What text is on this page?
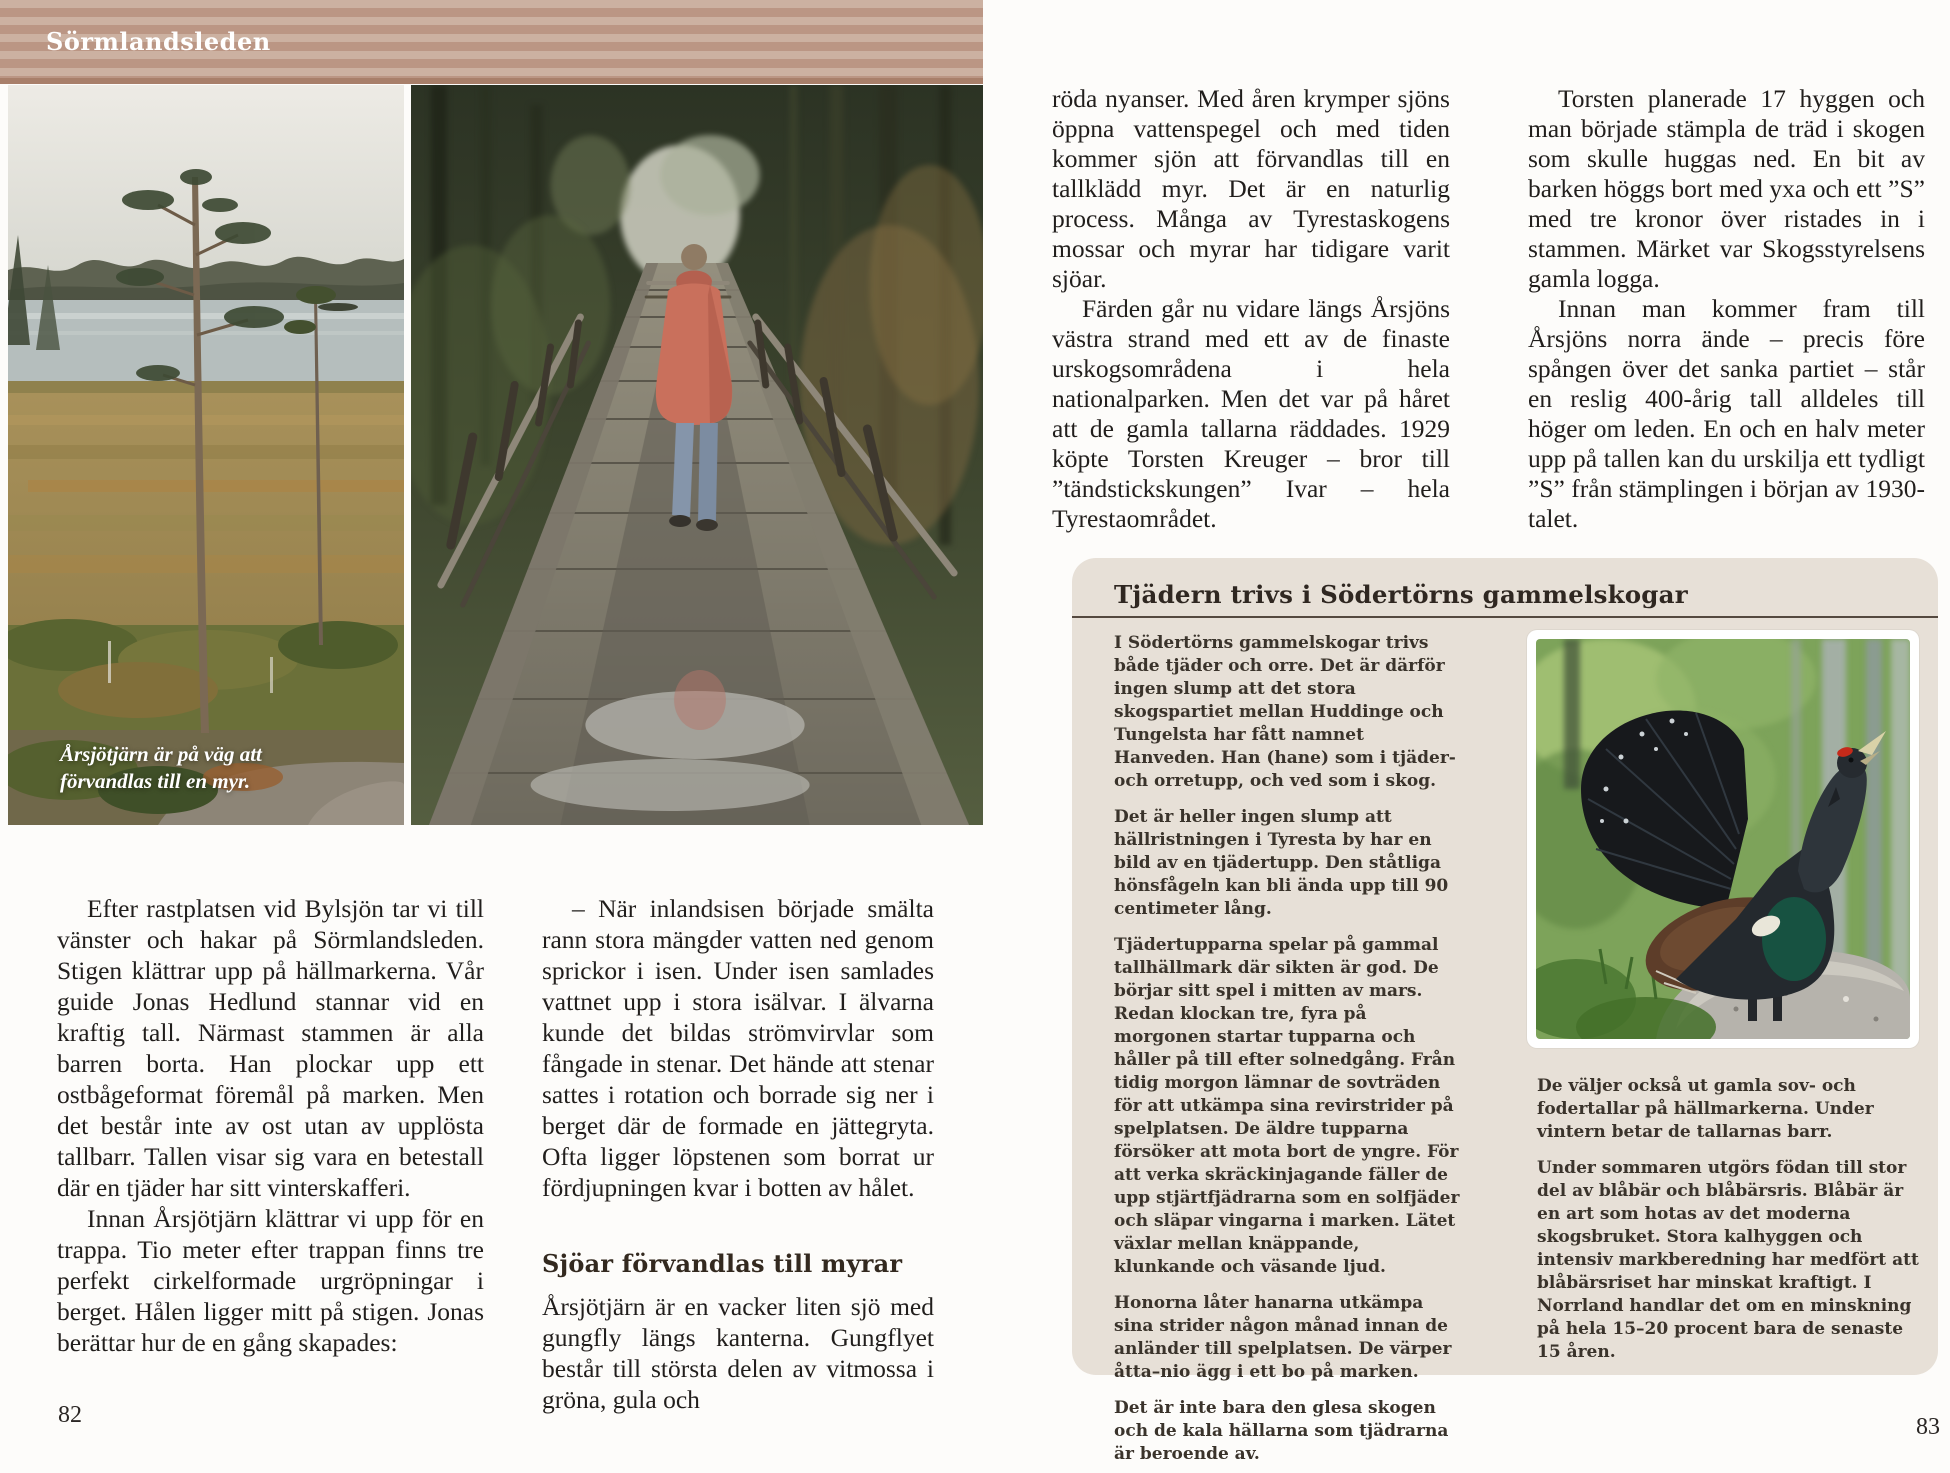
Sörmlandsleden
Årsjötjärn är på väg att
förvandlas till en myr.

Efter rastplatsen vid Bylsjön tar vi till vänster och hakar på Sörmlandsleden. Stigen klättrar upp på hällmarkerna. Vår guide Jonas Hedlund stannar vid en kraftig tall. Närmast stammen är alla barren borta. Han plockar upp ett ostbågeformat föremål på marken. Men det består inte av ost utan av upplösta tallbarr. Tallen visar sig vara en betestall där en tjäder har sitt vinterskafferi.

Innan Årsjötjärn klättrar vi upp för en trappa. Tio meter efter trappan finns tre perfekt cirkelformade urgröpningar i berget. Hålen ligger mitt på stigen. Jonas berättar hur de en gång skapades:

– När inlandsisen började smälta rann stora mängder vatten ned genom sprickor i isen. Under isen samlades vattnet upp i stora isälvar. I älvarna kunde det bildas strömvirvlar som fångade in stenar. Det hände att stenar sattes i rotation och borrade sig ner i berget där de formade en jättegryta. Ofta ligger löpstenen som borrat ur fördjupningen kvar i botten av hålet.

Sjöar förvandlas till myrar

Årsjötjärn är en vacker liten sjö med gungfly längs kanterna. Gungflyet består till största delen av vitmossa i gröna, gula och

röda nyanser. Med åren krymper sjöns öppna vattenspegel och med tiden kommer sjön att förvandlas till en tallklädd myr. Det är en naturlig process. Många av Tyrestaskogens mossar och myrar har tidigare varit sjöar.

Färden går nu vidare längs Årsjöns västra strand med ett av de finaste urskogsområdena i hela nationalparken. Men det var på håret att de gamla tallarna räddades. 1929 köpte Torsten Kreuger – bror till ”tändstickskungen” Ivar – hela Tyrestaområdet.

Torsten planerade 17 hyggen och man började stämpla de träd i skogen som skulle huggas ned. En bit av barken höggs bort med yxa och ett ”S” med tre kronor över ristades in i stammen. Märket var Skogsstyrelsens gamla logga.

Innan man kommer fram till Årsjöns norra ände – precis före spången över det sanka partiet – står en reslig 400-årig tall alldeles till höger om leden. En och en halv meter upp på tallen kan du urskilja ett tydligt ”S” från stämplingen i början av 1930-talet.

Tjädern trivs i Södertörns gammelskogar

I Södertörns gammelskogar trivs både tjäder och orre. Det är därför ingen slump att det stora skogspartiet mellan Huddinge och Tungelsta har fått namnet Hanveden. Han (hane) som i tjäder- och orretupp, och ved som i skog.

Det är heller ingen slump att hällristningen i Tyresta by har en bild av en tjädertupp. Den ståtliga hönsfågeln kan bli ända upp till 90 centimeter lång.

Tjädertupparna spelar på gammal tallhällmark där sikten är god. De börjar sitt spel i mitten av mars. Redan klockan tre, fyra på morgonen startar tupparna och håller på till efter solnedgång. Från tidig morgon lämnar de sovträden för att utkämpa sina revirstrider på spelplatsen. De äldre tupparna försöker att mota bort de yngre. För att verka skräckinjagande fäller de upp stjärtfjädrarna som en solfjäder och släpar vingarna i marken. Lätet växlar mellan knäppande, klunkande och väsande ljud.

Honorna låter hanarna utkämpa sina strider någon månad innan de anländer till spelplatsen. De värper åtta–nio ägg i ett bo på marken.

Det är inte bara den glesa skogen och de kala hällarna som tjädrarna är beroende av.

De väljer också ut gamla sov- och fodertallar på hällmarkerna. Under vintern betar de tallarnas barr.

Under sommaren utgörs födan till stor del av blåbär och blåbärsris. Blåbär är en art som hotas av det moderna skogsbruket. Stora kalhyggen och intensiv markberedning har medfört att blåbärsriset har minskat kraftigt. I Norrland handlar det om en minskning på hela 15–20 procent bara de senaste 15 åren.

82	83
